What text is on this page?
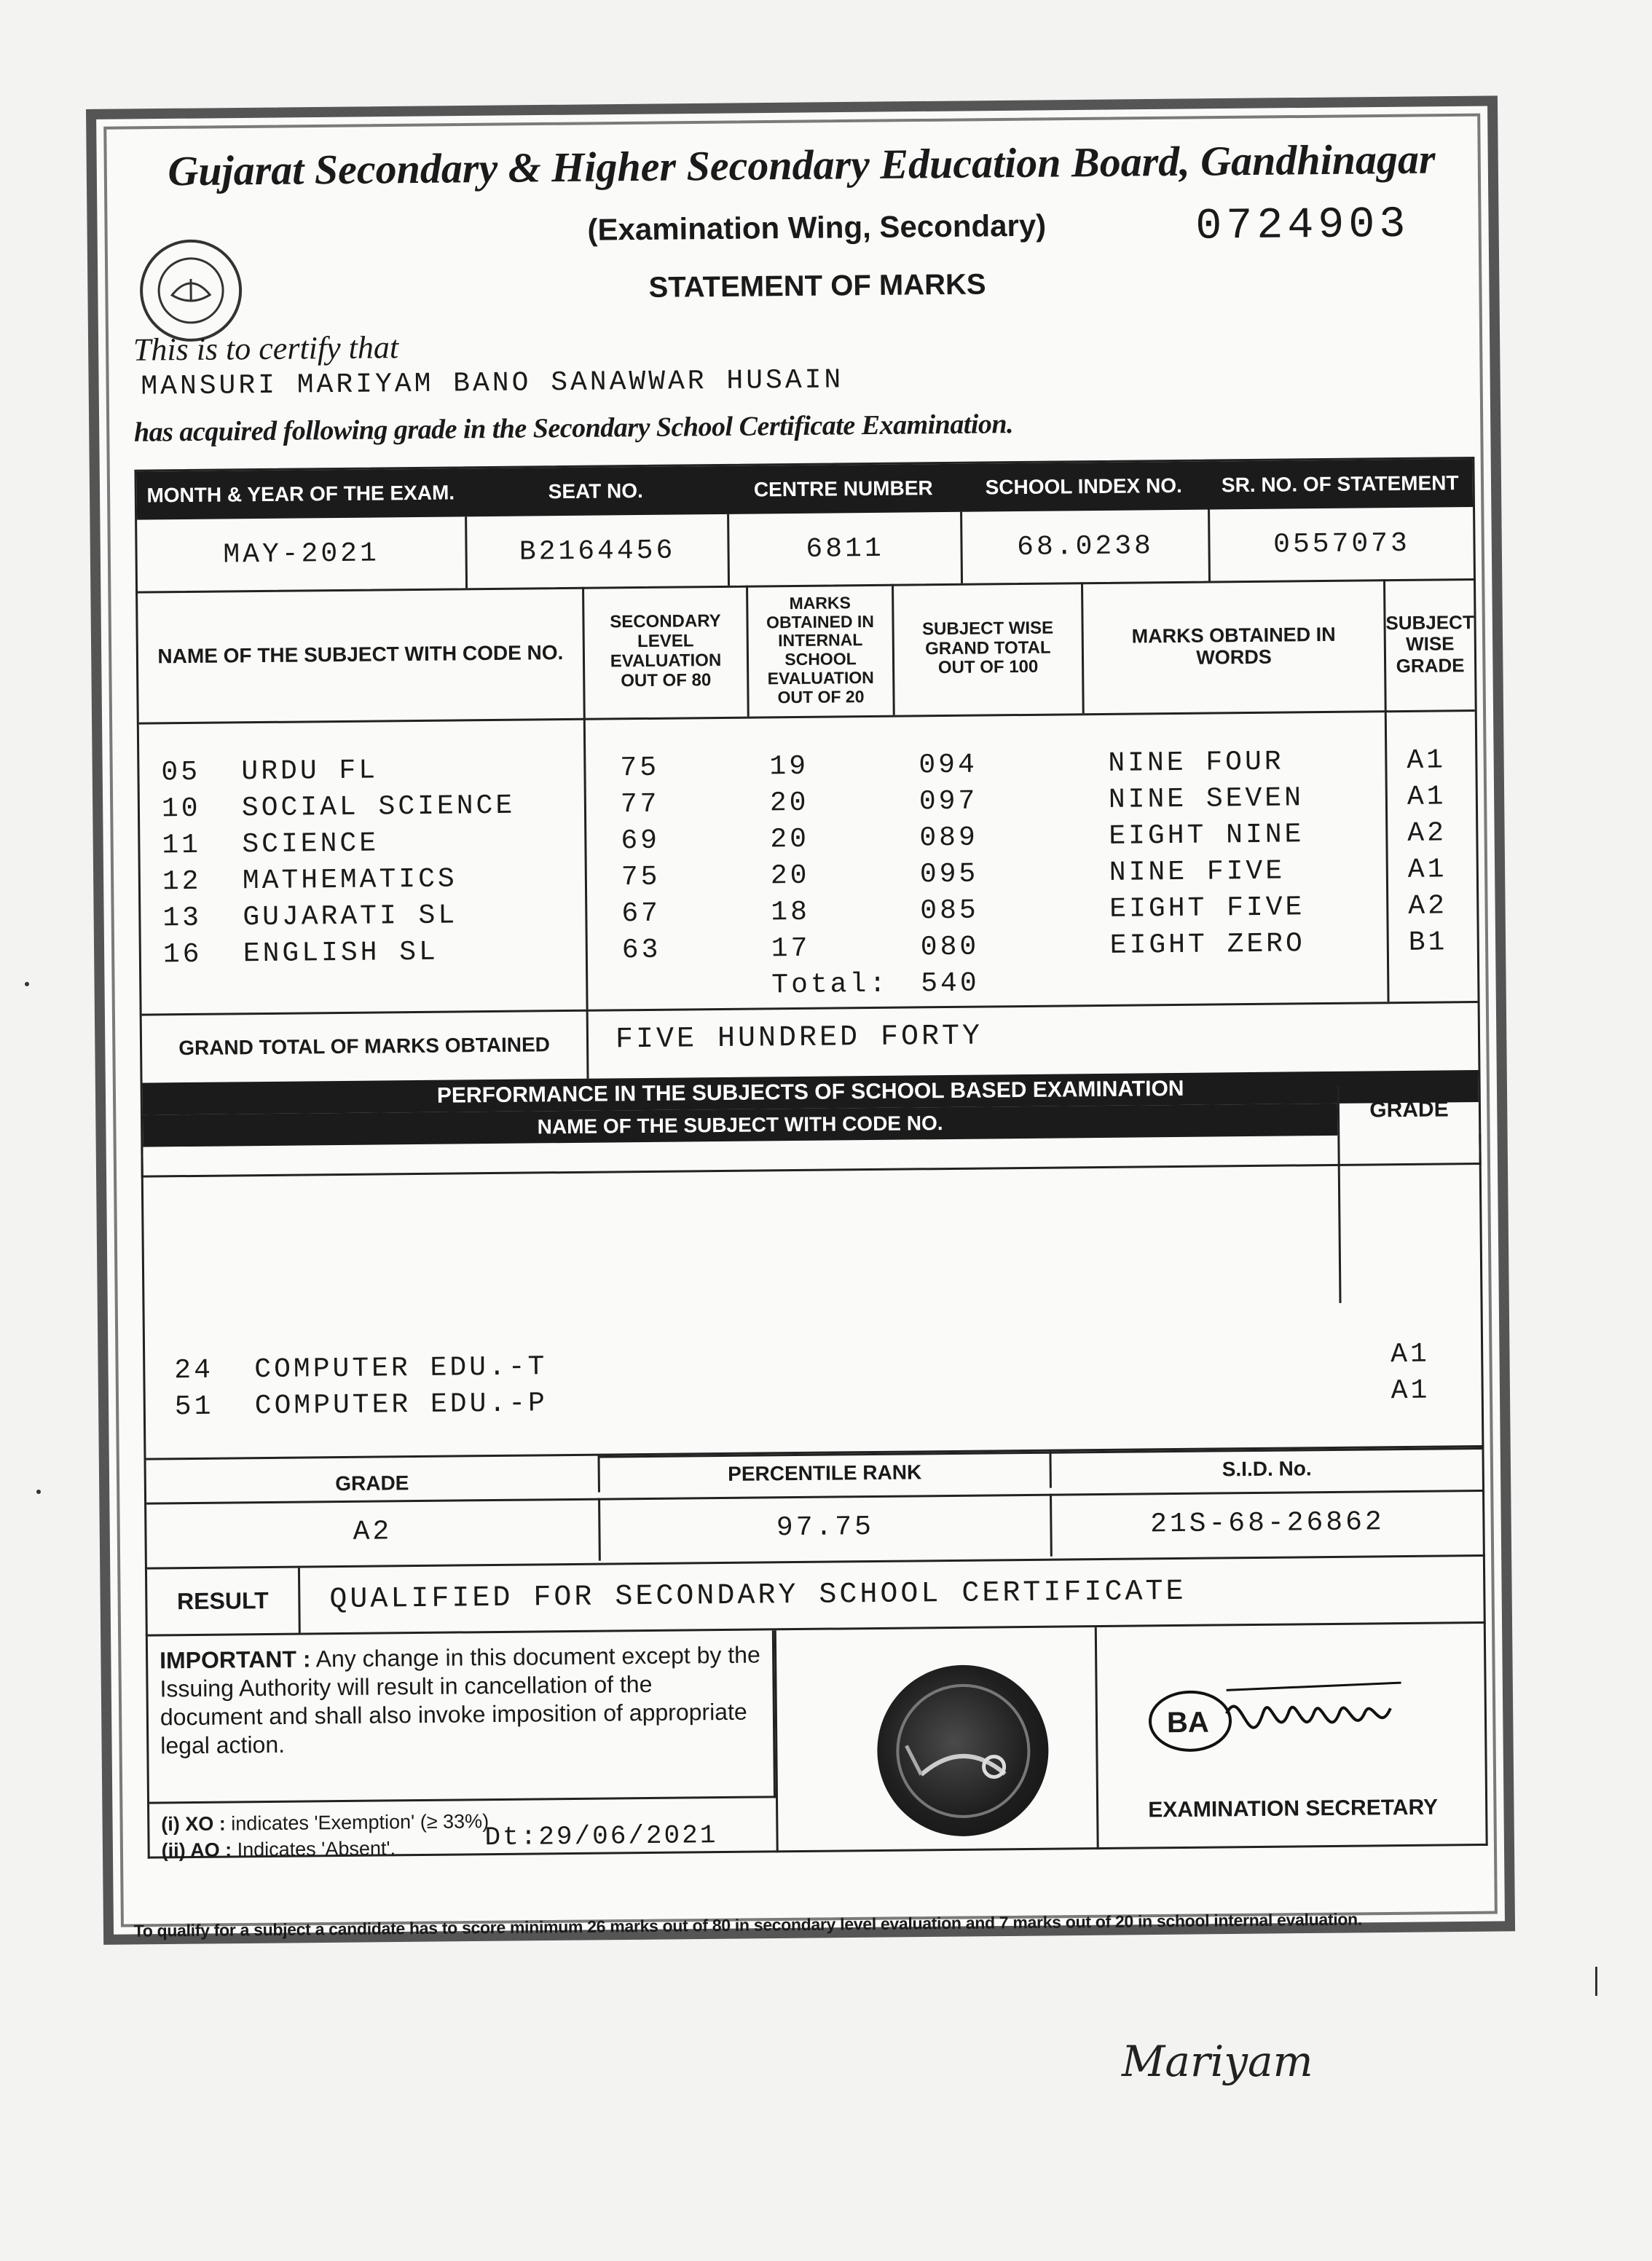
Gujarat Secondary & Higher Secondary Education Board, Gandhinagar
(Examination Wing, Secondary)	0724903
STATEMENT OF MARKS
This is to certify that
MANSURI MARIYAM BANO SANAWWAR HUSAIN
has acquired following grade in the Secondary School Certificate Examination.
MONTH & YEAR OF THE EXAM.	SEAT NO.	CENTRE NUMBER	SCHOOL INDEX NO.	SR. NO. OF STATEMENT
MAY-2021	B2164456	6811	68.0238	0557073
NAME OF THE SUBJECT WITH CODE NO.
SECONDARY LEVEL EVALUATION OUT OF 80
MARKS OBTAINED IN INTERNAL SCHOOL EVALUATION OUT OF 20
SUBJECT WISE GRAND TOTAL OUT OF 100
MARKS OBTAINED IN WORDS
SUBJECT WISE GRADE
05 URDU FL	75	19	094	NINE FOUR	A1
10 SOCIAL SCIENCE	77	20	097	NINE SEVEN	A1
11 SCIENCE	69	20	089	EIGHT NINE	A2
12 MATHEMATICS	75	20	095	NINE FIVE	A1
13 GUJARATI SL	67	18	085	EIGHT FIVE	A2
16 ENGLISH SL	63	17	080	EIGHT ZERO	B1
Total: 540
GRAND TOTAL OF MARKS OBTAINED	FIVE HUNDRED FORTY
PERFORMANCE IN THE SUBJECTS OF SCHOOL BASED EXAMINATION
NAME OF THE SUBJECT WITH CODE NO.
GRADE
24 COMPUTER EDU.-T	A1
51 COMPUTER EDU.-P	A1
GRADE	PERCENTILE RANK	S.I.D. No.
A2	97.75	21S-68-26862
RESULT	QUALIFIED FOR SECONDARY SCHOOL CERTIFICATE
IMPORTANT : Any change in this document except by the Issuing Authority will result in cancellation of the document and shall also invoke imposition of appropriate legal action.
(i) XO : indicates 'Exemption' (≥ 33%)
(ii) AO : Indicates 'Absent'.	Dt:29/06/2021
BA
EXAMINATION SECRETARY
To qualify for a subject a candidate has to score minimum 26 marks out of 80 in secondary level evaluation and 7 marks out of 20 in school internal evaluation.
Mariyam
